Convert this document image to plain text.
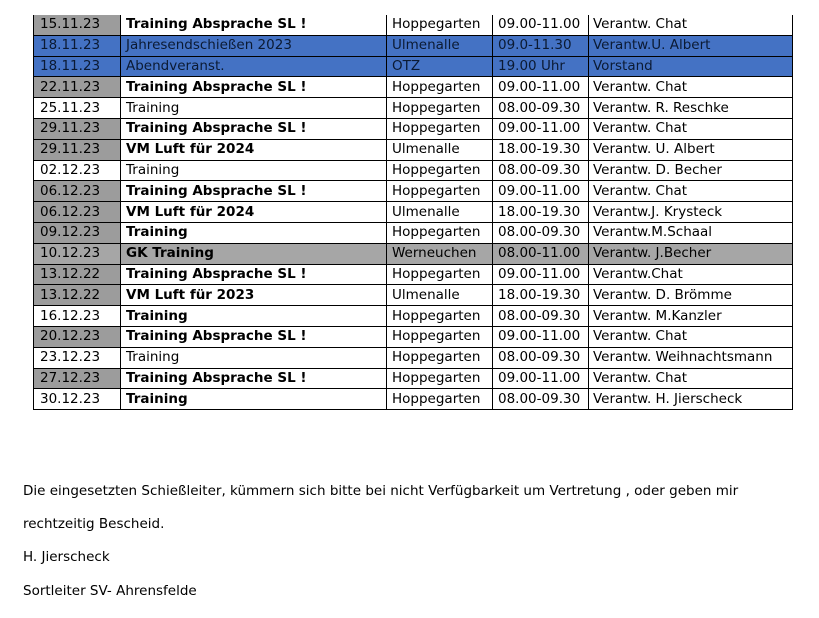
15.11.23	Training Absprache SL !	Hoppegarten	09.00-11.00	Verantw. Chat
18.11.23	Jahresendschießen 2023	Ulmenalle	09.0-11.30	Verantw.U. Albert
18.11.23	Abendveranst.	OTZ	19.00 Uhr	Vorstand
22.11.23	Training Absprache SL !	Hoppegarten	09.00-11.00	Verantw. Chat
25.11.23	Training	Hoppegarten	08.00-09.30	Verantw. R. Reschke
29.11.23	Training Absprache SL !	Hoppegarten	09.00-11.00	Verantw. Chat
29.11.23	VM Luft für 2024	Ulmenalle	18.00-19.30	Verantw. U. Albert
02.12.23	Training	Hoppegarten	08.00-09.30	Verantw. D. Becher
06.12.23	Training Absprache SL !	Hoppegarten	09.00-11.00	Verantw. Chat
06.12.23	VM Luft für 2024	Ulmenalle	18.00-19.30	Verantw.J. Krysteck
09.12.23	Training	Hoppegarten	08.00-09.30	Verantw.M.Schaal
10.12.23	GK Training	Werneuchen	08.00-11.00	Verantw. J.Becher
13.12.22	Training Absprache SL !	Hoppegarten	09.00-11.00	Verantw.Chat
13.12.22	VM Luft für 2023	Ulmenalle	18.00-19.30	Verantw. D. Brömme
16.12.23	Training	Hoppegarten	08.00-09.30	Verantw. M.Kanzler
20.12.23	Training Absprache SL !	Hoppegarten	09.00-11.00	Verantw. Chat
23.12.23	Training	Hoppegarten	08.00-09.30	Verantw. Weihnachtsmann
27.12.23	Training Absprache SL !	Hoppegarten	09.00-11.00	Verantw. Chat
30.12.23	Training	Hoppegarten	08.00-09.30	Verantw. H. Jierscheck
Die eingesetzten Schießleiter, kümmern sich bitte bei nicht Verfügbarkeit um Vertretung , oder geben mir
rechtzeitig Bescheid.
H. Jierscheck
Sortleiter SV- Ahrensfelde
